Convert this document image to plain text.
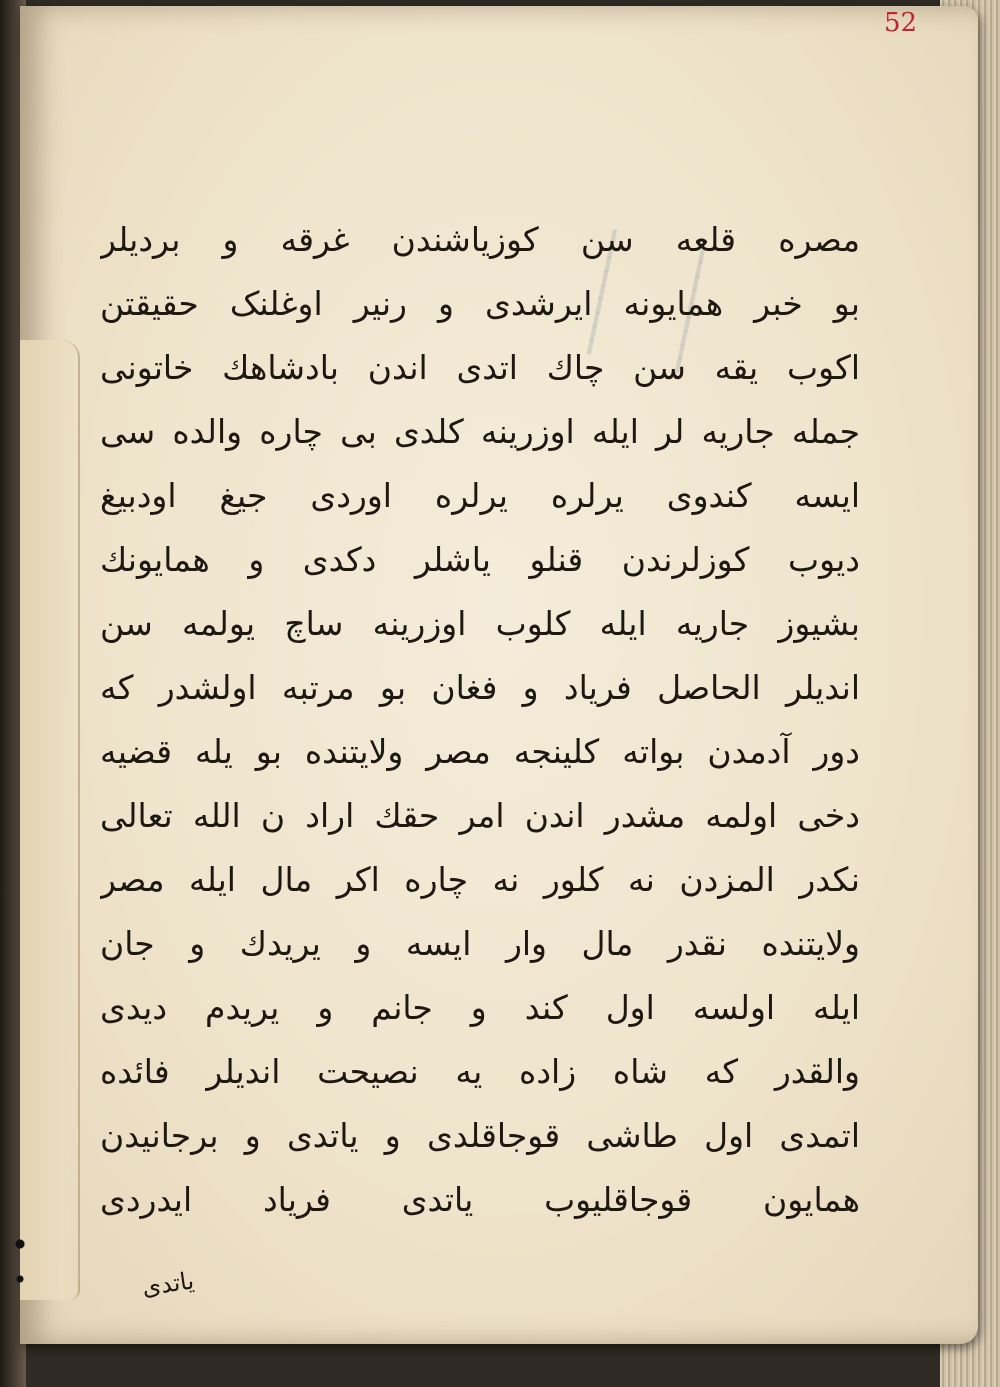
ـــــــــ ـــــــــ
52
مصره قلعه سن کوزیاشندن غرقه و بردیلر
بو خبر همایونه ایرشدی و رنیر اوغلنک حقیقتن
اکوب یقه سن چاك اتدی اندن بادشاهك خاتونی
جمله جاریه لر ایله اوزرینه کلدی بی چاره والده سی
ایسه کندوی یرلره یرلره اوردی جیغ اودبیغ
دیوب کوزلرندن قنلو یاشلر دکدی و همایونك
بشیوز جاریه ایله کلوب اوزرینه ساچ یولمه سن
اندیلر الحاصل فریاد و فغان بو مرتبه اولشدر که
دور آدمدن بواته کلینجه مصر ولایتنده بو یله قضیه
دخی اولمه مشدر اندن امر حقك اراد ن الله تعالی
نکدر المزدن نه کلور نه چاره اکر مال ایله مصر
ولایتنده نقدر مال وار ایسه و یریدك و جان
ایله اولسه اول کند و جانم و یریدم دیدی
والقدر که شاه زاده یه نصیحت اندیلر فائده
اتمدی اول طاشی قوجاقلدی و یاتدی و برجانیدن
همایون قوجاقلیوب یاتدی فریاد ایدردی
یاتدی
